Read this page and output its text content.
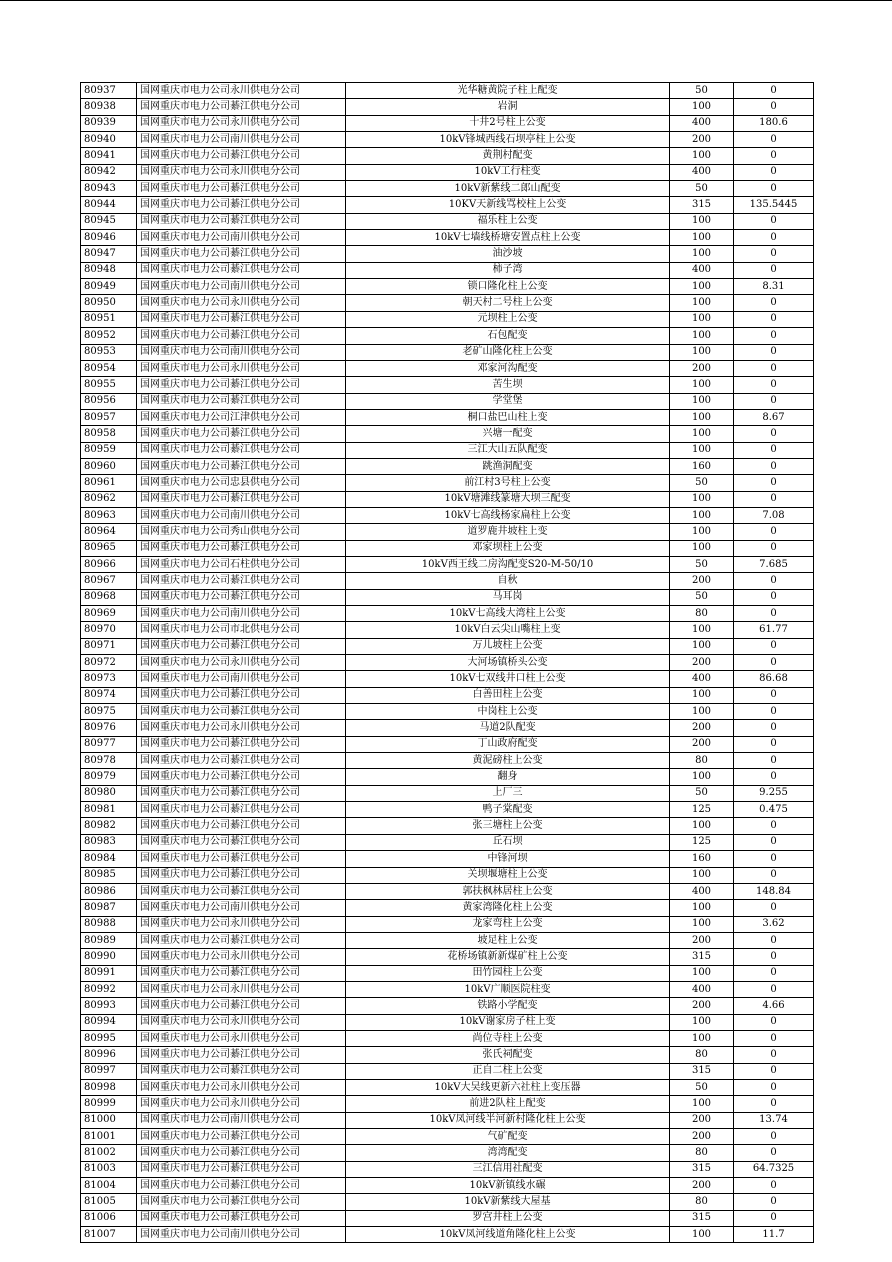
80937	国网重庆市电力公司永川供电分公司	光华糖黄院子柱上配变	50	0
80938	国网重庆市电力公司綦江供电分公司	岩洞	100	0
80939	国网重庆市电力公司永川供电分公司	十井2号柱上公变	400	180.6
80940	国网重庆市电力公司南川供电分公司	10kV锋城西线石坝亭柱上公变	200	0
80941	国网重庆市电力公司綦江供电分公司	黄荆村配变	100	0
80942	国网重庆市电力公司永川供电分公司	10kV工行柱变	400	0
80943	国网重庆市电力公司綦江供电分公司	10kV新紫线二郎山配变	50	0
80944	国网重庆市电力公司綦江供电分公司	10KV天新线骂校柱上公变	315	135.5445
80945	国网重庆市电力公司綦江供电分公司	福乐柱上公变	100	0
80946	国网重庆市电力公司南川供电分公司	10kV七墙线桥塘安置点柱上公变	100	0
80947	国网重庆市电力公司綦江供电分公司	油沙坡	100	0
80948	国网重庆市电力公司綦江供电分公司	柿子湾	400	0
80949	国网重庆市电力公司南川供电分公司	锁口隆化柱上公变	100	8.31
80950	国网重庆市电力公司永川供电分公司	朝天村二号柱上公变	100	0
80951	国网重庆市电力公司綦江供电分公司	元坝柱上公变	100	0
80952	国网重庆市电力公司綦江供电分公司	石包配变	100	0
80953	国网重庆市电力公司南川供电分公司	老矿山隆化柱上公变	100	0
80954	国网重庆市电力公司永川供电分公司	邓家河沟配变	200	0
80955	国网重庆市电力公司綦江供电分公司	苦生坝	100	0
80956	国网重庆市电力公司綦江供电分公司	学堂堡	100	0
80957	国网重庆市电力公司江津供电分公司	桐口盐巴山柱上变	100	8.67
80958	国网重庆市电力公司綦江供电分公司	兴塘一配变	100	0
80959	国网重庆市电力公司綦江供电分公司	三江大山五队配变	100	0
80960	国网重庆市电力公司綦江供电分公司	跳渔洞配变	160	0
80961	国网重庆市电力公司忠县供电分公司	前江村3号柱上公变	50	0
80962	国网重庆市电力公司綦江供电分公司	10kV塘滩线篆塘大坝三配变	100	0
80963	国网重庆市电力公司南川供电分公司	10kV七高线杨家扁柱上公变	100	7.08
80964	国网重庆市电力公司秀山供电分公司	道罗鹿井坡柱上变	100	0
80965	国网重庆市电力公司綦江供电分公司	邓家坝柱上公变	100	0
80966	国网重庆市电力公司石柱供电分公司	10kV西王线二房沟配变S20-M-50/10	50	7.685
80967	国网重庆市电力公司綦江供电分公司	自秋	200	0
80968	国网重庆市电力公司綦江供电分公司	马耳岗	50	0
80969	国网重庆市电力公司南川供电分公司	10kV七高线大湾柱上公变	80	0
80970	国网重庆市电力公司市北供电分公司	10kV白云尖山嘴柱上变	100	61.77
80971	国网重庆市电力公司綦江供电分公司	万儿坡柱上公变	100	0
80972	国网重庆市电力公司永川供电分公司	大河场镇桥头公变	200	0
80973	国网重庆市电力公司南川供电分公司	10kV七双线井口柱上公变	400	86.68
80974	国网重庆市电力公司綦江供电分公司	白善田柱上公变	100	0
80975	国网重庆市电力公司綦江供电分公司	中岗柱上公变	100	0
80976	国网重庆市电力公司永川供电分公司	马道2队配变	200	0
80977	国网重庆市电力公司綦江供电分公司	丁山政府配变	200	0
80978	国网重庆市电力公司綦江供电分公司	黄泥磅柱上公变	80	0
80979	国网重庆市电力公司綦江供电分公司	翻身	100	0
80980	国网重庆市电力公司綦江供电分公司	上厂三	50	9.255
80981	国网重庆市电力公司綦江供电分公司	鸭子棠配变	125	0.475
80982	国网重庆市电力公司綦江供电分公司	张三塘柱上公变	100	0
80983	国网重庆市电力公司綦江供电分公司	丘石坝	125	0
80984	国网重庆市电力公司綦江供电分公司	中锋河坝	160	0
80985	国网重庆市电力公司綦江供电分公司	关坝堰塘柱上公变	100	0
80986	国网重庆市电力公司綦江供电分公司	郭扶枫林居柱上公变	400	148.84
80987	国网重庆市电力公司南川供电分公司	黄家湾隆化柱上公变	100	0
80988	国网重庆市电力公司永川供电分公司	龙家弯柱上公变	100	3.62
80989	国网重庆市电力公司綦江供电分公司	坡足柱上公变	200	0
80990	国网重庆市电力公司永川供电分公司	花桥场镇新新煤矿柱上公变	315	0
80991	国网重庆市电力公司綦江供电分公司	田竹园柱上公变	100	0
80992	国网重庆市电力公司永川供电分公司	10kV广顺医院柱变	400	0
80993	国网重庆市电力公司綦江供电分公司	铁路小学配变	200	4.66
80994	国网重庆市电力公司永川供电分公司	10kV谢家房子柱上变	100	0
80995	国网重庆市电力公司永川供电分公司	尚位寺柱上公变	100	0
80996	国网重庆市电力公司綦江供电分公司	张氏祠配变	80	0
80997	国网重庆市电力公司綦江供电分公司	正自二柱上公变	315	0
80998	国网重庆市电力公司永川供电分公司	10kV大吴线更新六社柱上变压器	50	0
80999	国网重庆市电力公司永川供电分公司	前进2队柱上配变	100	0
81000	国网重庆市电力公司南川供电分公司	10kV凤河线半河新村隆化柱上公变	200	13.74
81001	国网重庆市电力公司綦江供电分公司	气矿配变	200	0
81002	国网重庆市电力公司綦江供电分公司	湾湾配变	80	0
81003	国网重庆市电力公司綦江供电分公司	三江信用社配变	315	64.7325
81004	国网重庆市电力公司綦江供电分公司	10kV新镇线水碾	200	0
81005	国网重庆市电力公司綦江供电分公司	10kV新紫线大屋基	80	0
81006	国网重庆市电力公司綦江供电分公司	罗宫井柱上公变	315	0
81007	国网重庆市电力公司南川供电分公司	10kV凤河线道角隆化柱上公变	100	11.7
